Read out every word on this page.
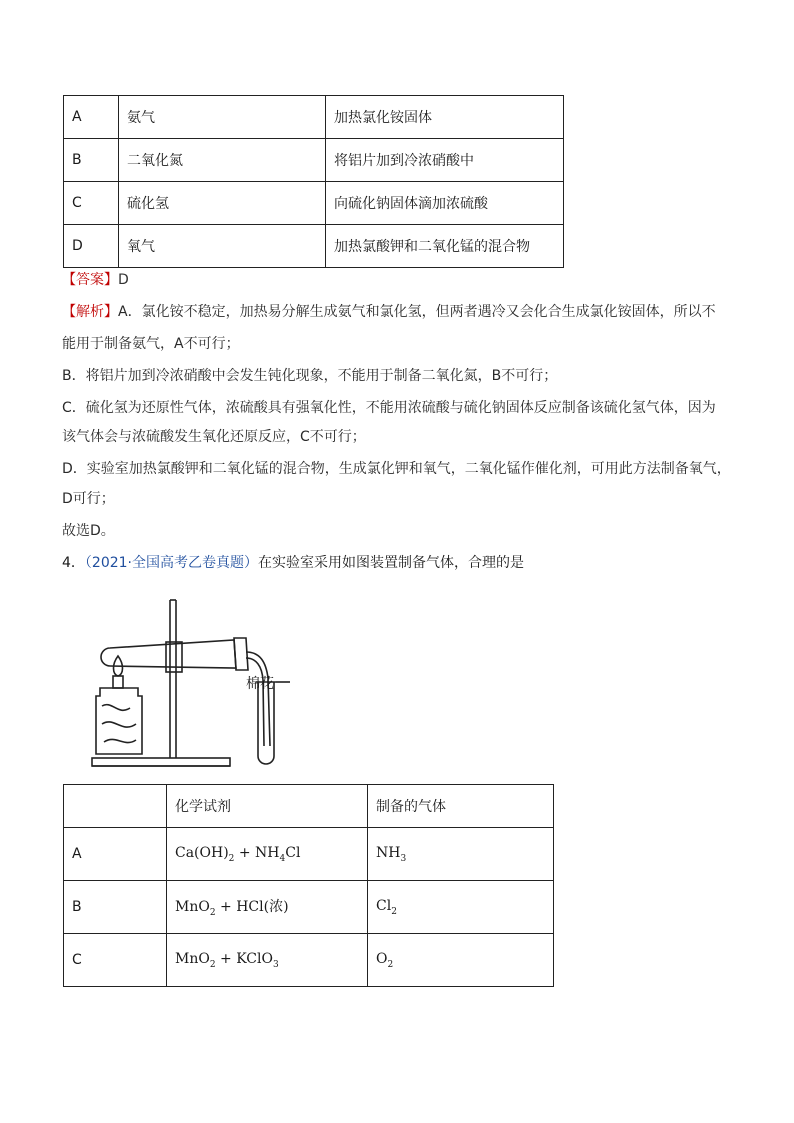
A	氨气	加热氯化铵固体
B	二氧化氮	将铝片加到冷浓硝酸中
C	硫化氢	向硫化钠固体滴加浓硫酸
D	氧气	加热氯酸钾和二氧化锰的混合物
【答案】D
【解析】A．氯化铵不稳定，加热易分解生成氨气和氯化氢，但两者遇冷又会化合生成氯化铵固体，所以不
能用于制备氨气，A不可行；
B．将铝片加到冷浓硝酸中会发生钝化现象，不能用于制备二氧化氮，B不可行；
C．硫化氢为还原性气体，浓硫酸具有强氧化性，不能用浓硫酸与硫化钠固体反应制备该硫化氢气体，因为
该气体会与浓硫酸发生氧化还原反应，C不可行；
D．实验室加热氯酸钾和二氧化锰的混合物，生成氯化钾和氧气，二氧化锰作催化剂，可用此方法制备氧气，
D可行；
故选D。
4．（2021·全国高考乙卷真题）在实验室采用如图装置制备气体，合理的是
棉花
	化学试剂	制备的气体
A	$Ca(OH)_2 + NH_4Cl$	$NH_3$
B	MnO$_2$ + HCl(浓)	$Cl_2$
C	MnO$_2$ + KClO$_3$	$O_2$
